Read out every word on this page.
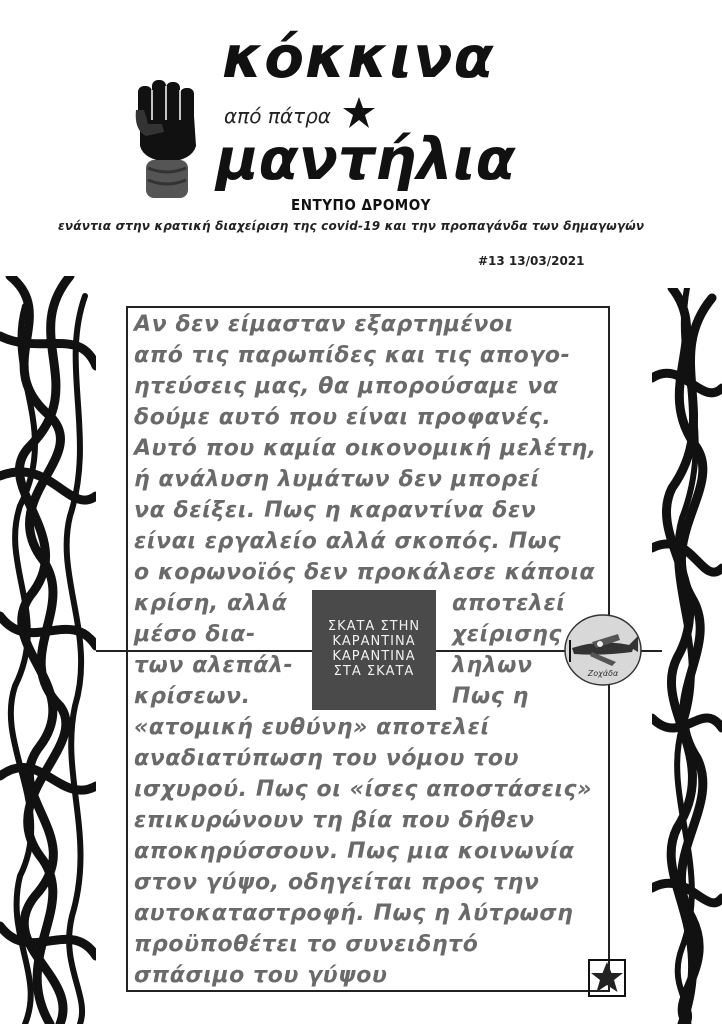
κόκκινα
από πάτρα
μαντήλια
ΕΝΤΥΠΟ ΔΡΟΜΟΥ
ενάντια στην κρατική διαχείριση της covid-19 και την προπαγάνδα των δημαγωγών
#13 13/03/2021
Αν δεν είμασταν εξαρτημένοι
από τις παρωπίδες και τις απογο-
ητεύσεις μας, θα μπορούσαμε να
δούμε αυτό που είναι προφανές.
Αυτό που καμία οικονομική μελέτη,
ή ανάλυση λυμάτων δεν μπορεί
να δείξει. Πως η καραντίνα δεν
είναι εργαλείο αλλά σκοπός. Πως
ο κορωνοϊός δεν προκάλεσε κάποια
κρίση, αλλά	αποτελεί
μέσο δια-	χείρισης
των αλεπάλ-	ληλων
κρίσεων.	Πως η
«ατομική ευθύνη» αποτελεί
αναδιατύπωση του νόμου του
ισχυρού. Πως οι «ίσες αποστάσεις»
επικυρώνουν τη βία που δήθεν
αποκηρύσσουν. Πως μια κοινωνία
στον γύψο, οδηγείται προς την
αυτοκαταστροφή. Πως η λύτρωση
προϋποθέτει το συνειδητό
σπάσιμο του γύψου
ΣΚΑΤΑ ΣΤΗΝ
ΚΑΡΑΝΤΙΝΑ
ΚΑΡΑΝΤΙΝΑ
ΣΤΑ ΣΚΑΤΑ	Ζοχάδα
